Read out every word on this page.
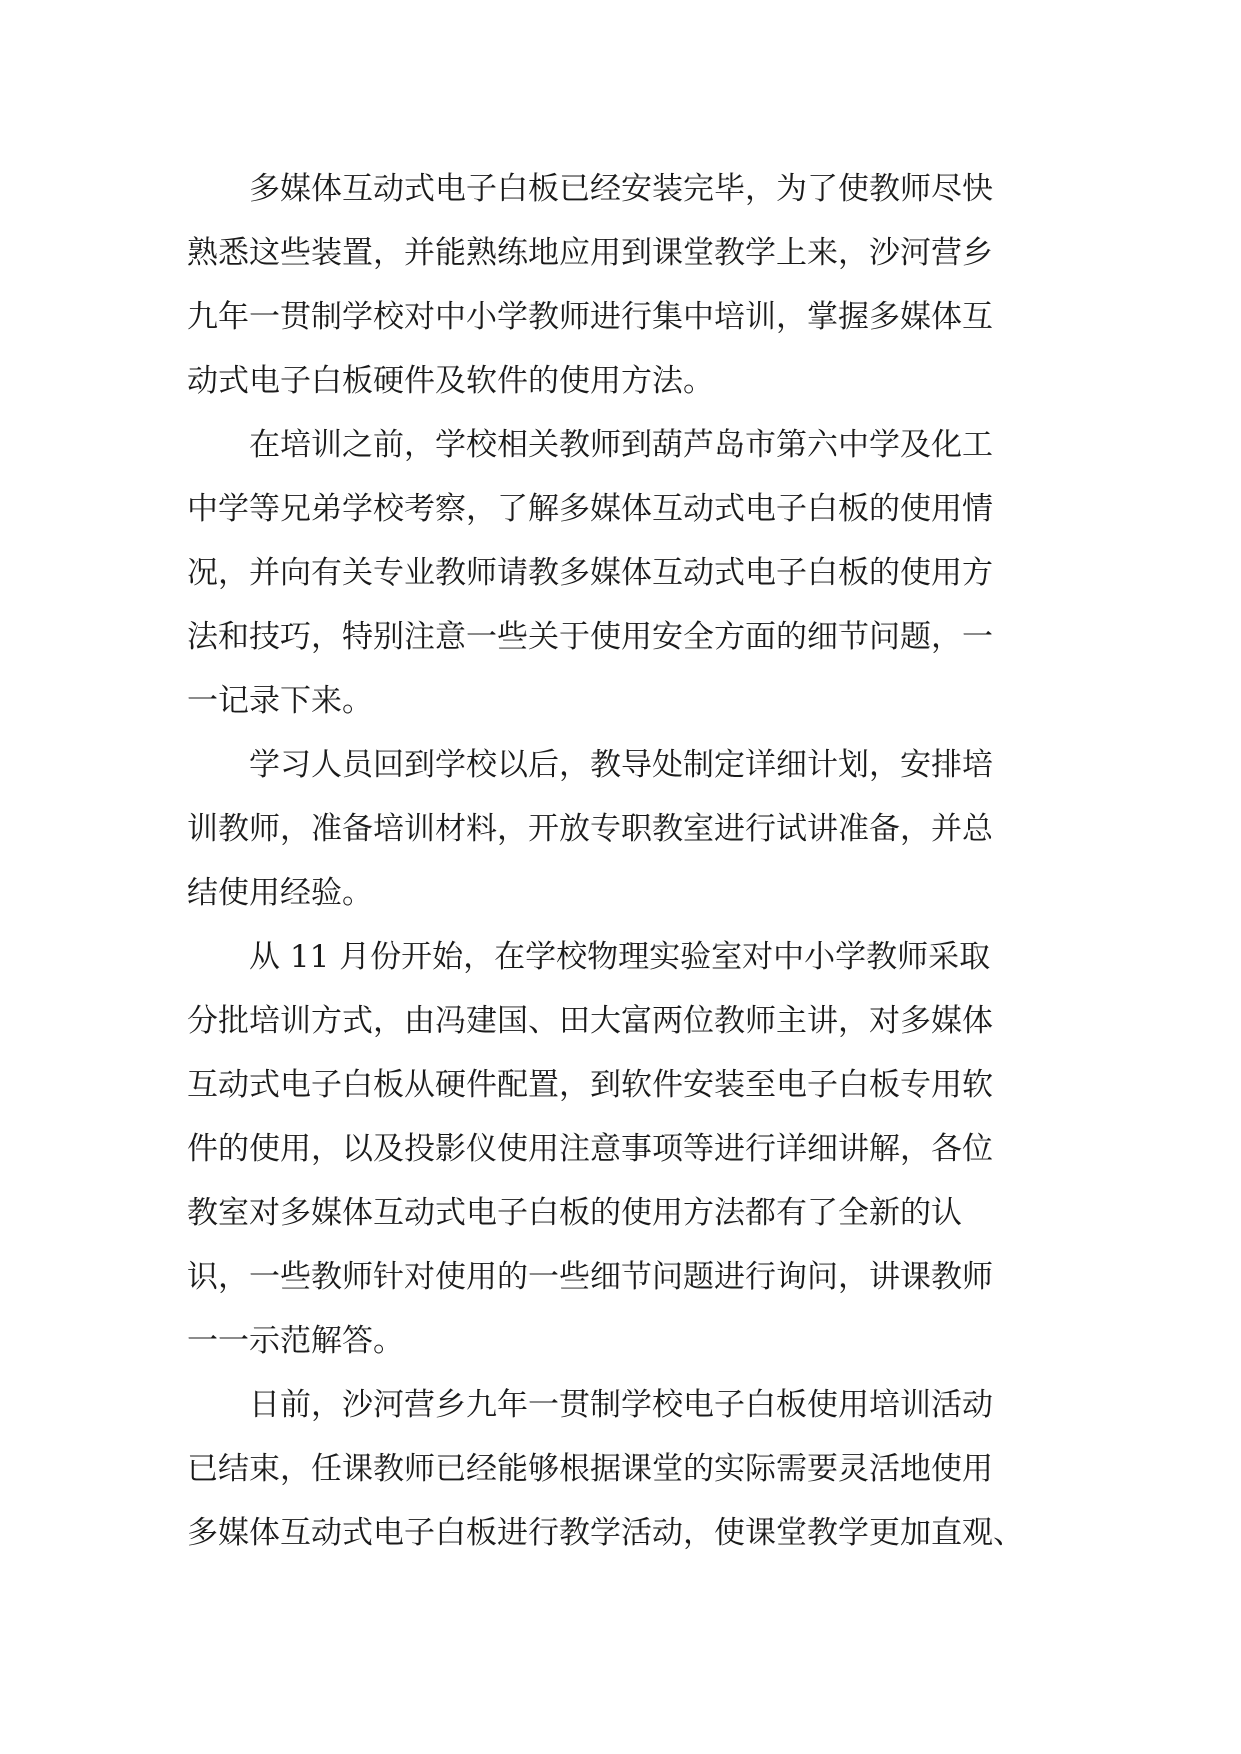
多媒体互动式电子白板已经安装完毕，为了使教师尽快
熟悉这些装置，并能熟练地应用到课堂教学上来，沙河营乡
九年一贯制学校对中小学教师进行集中培训，掌握多媒体互
动式电子白板硬件及软件的使用方法。
在培训之前，学校相关教师到葫芦岛市第六中学及化工
中学等兄弟学校考察，了解多媒体互动式电子白板的使用情
况，并向有关专业教师请教多媒体互动式电子白板的使用方
法和技巧，特别注意一些关于使用安全方面的细节问题，一
一记录下来。
学习人员回到学校以后，教导处制定详细计划，安排培
训教师，准备培训材料，开放专职教室进行试讲准备，并总
结使用经验。
从 11 月份开始，在学校物理实验室对中小学教师采取
分批培训方式，由冯建国、田大富两位教师主讲，对多媒体
互动式电子白板从硬件配置，到软件安装至电子白板专用软
件的使用，以及投影仪使用注意事项等进行详细讲解，各位
教室对多媒体互动式电子白板的使用方法都有了全新的认
识，一些教师针对使用的一些细节问题进行询问，讲课教师
一一示范解答。
日前，沙河营乡九年一贯制学校电子白板使用培训活动
已结束，任课教师已经能够根据课堂的实际需要灵活地使用
多媒体互动式电子白板进行教学活动，使课堂教学更加直观、
